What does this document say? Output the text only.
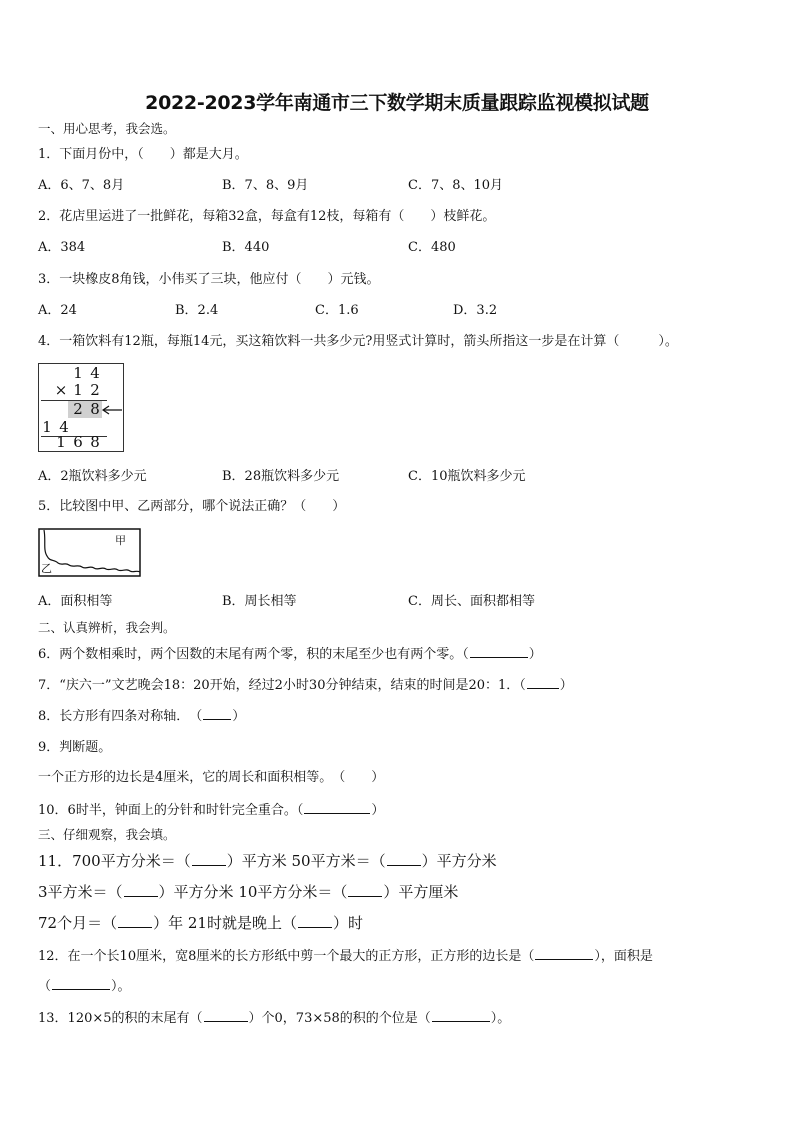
2022-2023学年南通市三下数学期末质量跟踪监视模拟试题
一、用心思考，我会选。
1．下面月份中，（　　）都是大月。
A．6、7、8月	B．7、8、9月	C．7、8、10月
2．花店里运进了一批鲜花，每箱32盒，每盒有12枝，每箱有（　　）枝鲜花。
A．384	B．440	C．480
3．一块橡皮8角钱，小伟买了三块，他应付（　　）元钱。
A．24	B．2.4	C．1.6	D．3.2
4．一箱饮料有12瓶，每瓶14元，买这箱饮料一共多少元?用竖式计算时，箭头所指这一步是在计算（　　　）。
1 4
× 1 2
2 8
1 4
1 6 8
A．2瓶饮料多少元	B．28瓶饮料多少元	C．10瓶饮料多少元
5．比较图中甲、乙两部分，哪个说法正确？（　　）
甲
乙
A．面积相等	B．周长相等	C．周长、面积都相等
二、认真辨析，我会判。
6．两个数相乘时，两个因数的末尾有两个零，积的末尾至少也有两个零。（	）
7．“庆六一”文艺晚会18：20开始，经过2小时30分钟结束，结束的时间是20：1．（	）
8．长方形有四条对称轴．　（ ）
9．判断题。
一个正方形的边长是4厘米，它的周长和面积相等。　（　　）
10．6时半，钟面上的分针和时针完全重合。（	）
三、仔细观察，我会填。
11．700平方分米＝（ ）平方米 50平方米＝（ ）平方分米
3平方米＝（ ）平方分米 10平方分米＝（ ）平方厘米
72个月＝（ ）年 21时就是晚上（ ）时
12．在一个长10厘米，宽8厘米的长方形纸中剪一个最大的正方形，正方形的边长是（	），面积是
（	）。
13．120×5的积的末尾有（	）个0，73×58的积的个位是（	）。
